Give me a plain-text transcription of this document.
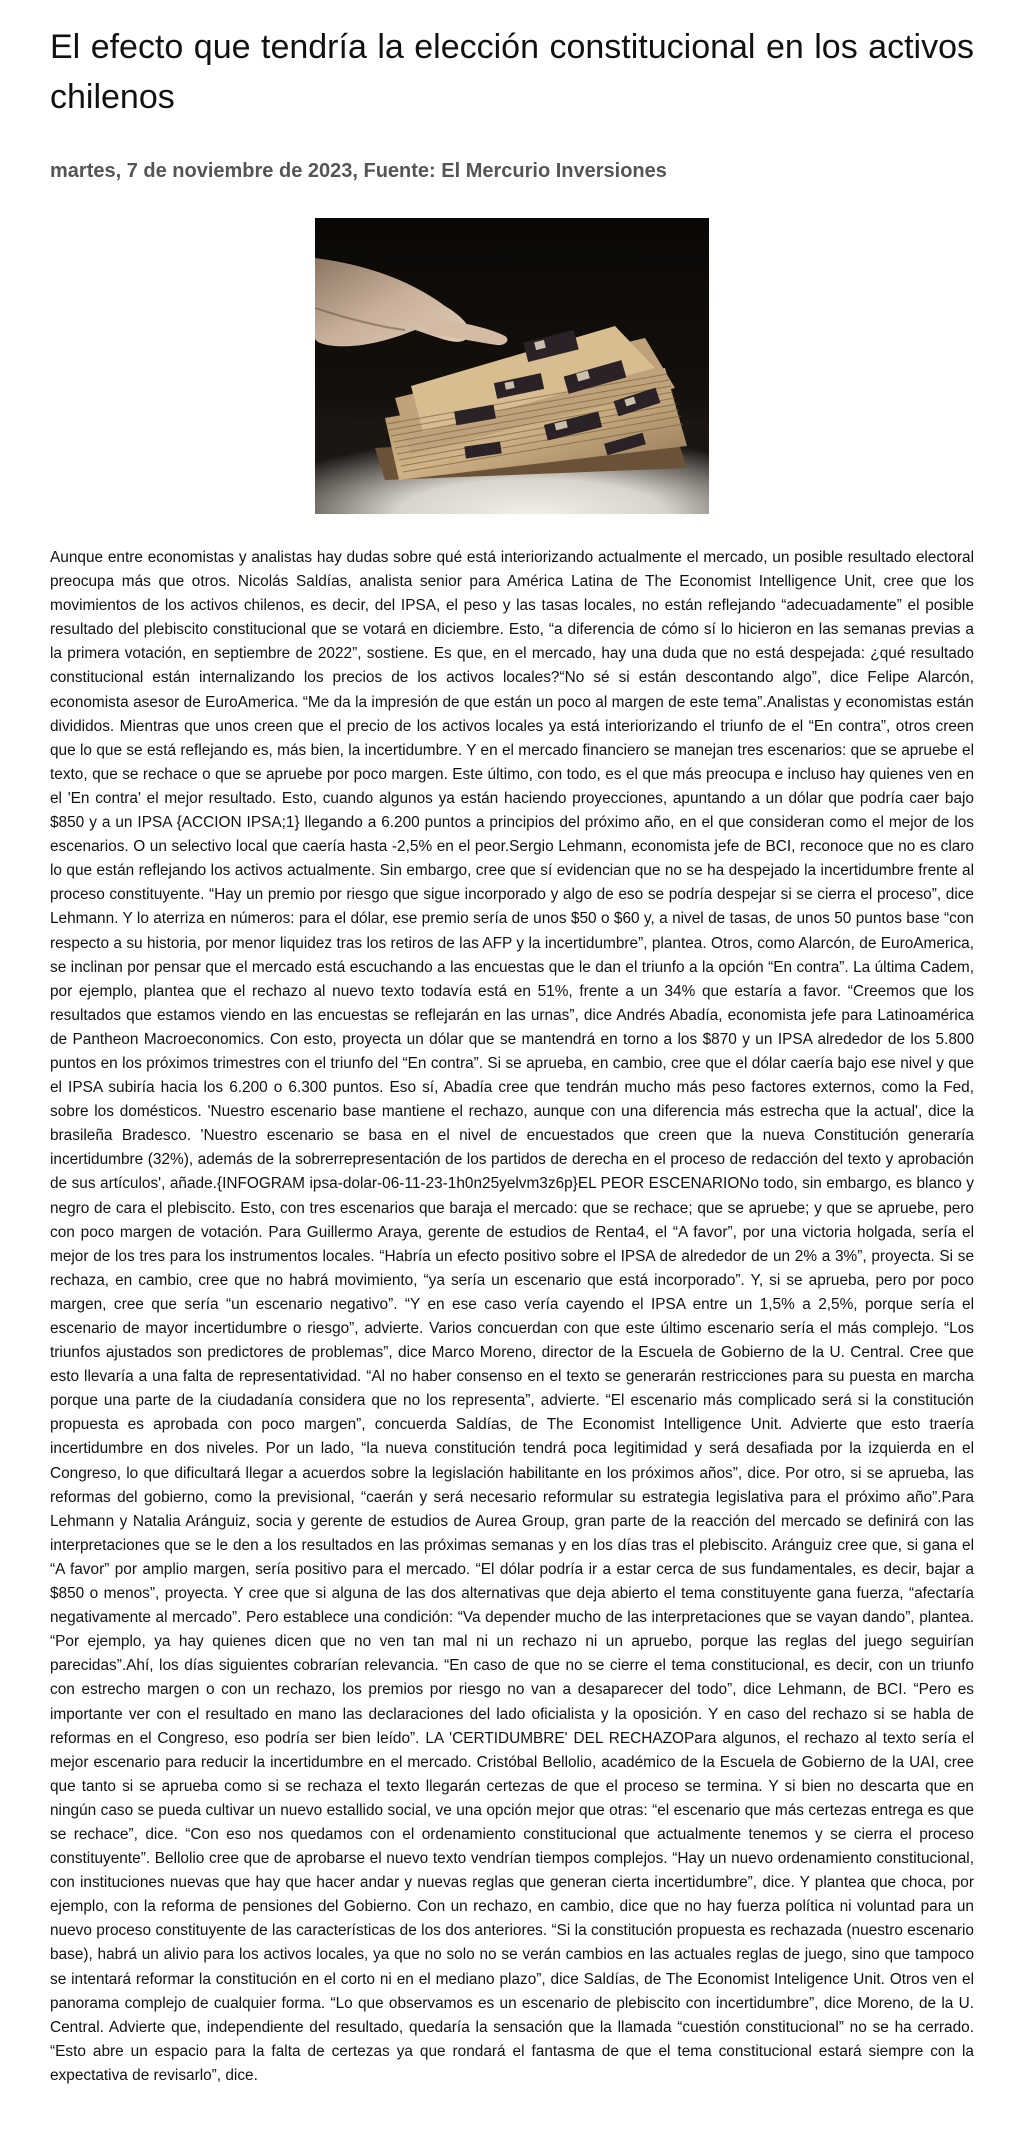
El efecto que tendría la elección constitucional en los activos chilenos
martes, 7 de noviembre de 2023, Fuente: El Mercurio Inversiones

Aunque entre economistas y analistas hay dudas sobre qué está interiorizando actualmente el mercado, un posible resultado electoral preocupa más que otros. Nicolás Saldías, analista senior para América Latina de The Economist Intelligence Unit, cree que los movimientos de los activos chilenos, es decir, del IPSA, el peso y las tasas locales, no están reflejando “adecuadamente” el posible resultado del plebiscito constitucional que se votará en diciembre. Esto, “a diferencia de cómo sí lo hicieron en las semanas previas a la primera votación, en septiembre de 2022”, sostiene. Es que, en el mercado, hay una duda que no está despejada: ¿qué resultado constitucional están internalizando los precios de los activos locales?“No sé si están descontando algo”, dice Felipe Alarcón, economista asesor de EuroAmerica. “Me da la impresión de que están un poco al margen de este tema”.Analistas y economistas están divididos. Mientras que unos creen que el precio de los activos locales ya está interiorizando el triunfo de el “En contra”, otros creen que lo que se está reflejando es, más bien, la incertidumbre. Y en el mercado financiero se manejan tres escenarios: que se apruebe el texto, que se rechace o que se apruebe por poco margen. Este último, con todo, es el que más preocupa e incluso hay quienes ven en el 'En contra' el mejor resultado. Esto, cuando algunos ya están haciendo proyecciones, apuntando a un dólar que podría caer bajo $850 y a un IPSA {ACCION IPSA;1} llegando a 6.200 puntos a principios del próximo año, en el que consideran como el mejor de los escenarios. O un selectivo local que caería hasta -2,5% en el peor.Sergio Lehmann, economista jefe de BCI, reconoce que no es claro lo que están reflejando los activos actualmente. Sin embargo, cree que sí evidencian que no se ha despejado la incertidumbre frente al proceso constituyente. “Hay un premio por riesgo que sigue incorporado y algo de eso se podría despejar si se cierra el proceso”, dice Lehmann. Y lo aterriza en números: para el dólar, ese premio sería de unos $50 o $60 y, a nivel de tasas, de unos 50 puntos base “con respecto a su historia, por menor liquidez tras los retiros de las AFP y la incertidumbre”, plantea. Otros, como Alarcón, de EuroAmerica, se inclinan por pensar que el mercado está escuchando a las encuestas que le dan el triunfo a la opción “En contra”. La última Cadem, por ejemplo, plantea que el rechazo al nuevo texto todavía está en 51%, frente a un 34% que estaría a favor. “Creemos que los resultados que estamos viendo en las encuestas se reflejarán en las urnas”, dice Andrés Abadía, economista jefe para Latinoamérica de Pantheon Macroeconomics. Con esto, proyecta un dólar que se mantendrá en torno a los $870 y un IPSA alrededor de los 5.800 puntos en los próximos trimestres con el triunfo del “En contra”. Si se aprueba, en cambio, cree que el dólar caería bajo ese nivel y que el IPSA subiría hacia los 6.200 o 6.300 puntos. Eso sí, Abadía cree que tendrán mucho más peso factores externos, como la Fed, sobre los domésticos. 'Nuestro escenario base mantiene el rechazo, aunque con una diferencia más estrecha que la actual', dice la brasileña Bradesco. 'Nuestro escenario se basa en el nivel de encuestados que creen que la nueva Constitución generaría incertidumbre (32%), además de la sobrerrepresentación de los partidos de derecha en el proceso de redacción del texto y aprobación de sus artículos', añade.{INFOGRAM ipsa-dolar-06-11-23-1h0n25yelvm3z6p}EL PEOR ESCENARIONo todo, sin embargo, es blanco y negro de cara el plebiscito. Esto, con tres escenarios que baraja el mercado: que se rechace; que se apruebe; y que se apruebe, pero con poco margen de votación. Para Guillermo Araya, gerente de estudios de Renta4, el “A favor”, por una victoria holgada, sería el mejor de los tres para los instrumentos locales. “Habría un efecto positivo sobre el IPSA de alrededor de un 2% a 3%”, proyecta. Si se rechaza, en cambio, cree que no habrá movimiento, “ya sería un escenario que está incorporado”. Y, si se aprueba, pero por poco margen, cree que sería “un escenario negativo”. “Y en ese caso vería cayendo el IPSA entre un 1,5% a 2,5%, porque sería el escenario de mayor incertidumbre o riesgo”, advierte. Varios concuerdan con que este último escenario sería el más complejo. “Los triunfos ajustados son predictores de problemas”, dice Marco Moreno, director de la Escuela de Gobierno de la U. Central. Cree que esto llevaría a una falta de representatividad. “Al no haber consenso en el texto se generarán restricciones para su puesta en marcha porque una parte de la ciudadanía considera que no los representa”, advierte. “El escenario más complicado será si la constitución propuesta es aprobada con poco margen”, concuerda Saldías, de The Economist Intelligence Unit. Advierte que esto traería incertidumbre en dos niveles. Por un lado, “la nueva constitución tendrá poca legitimidad y será desafiada por la izquierda en el Congreso, lo que dificultará llegar a acuerdos sobre la legislación habilitante en los próximos años”, dice. Por otro, si se aprueba, las reformas del gobierno, como la previsional, “caerán y será necesario reformular su estrategia legislativa para el próximo año”.Para Lehmann y Natalia Aránguiz, socia y gerente de estudios de Aurea Group, gran parte de la reacción del mercado se definirá con las interpretaciones que se le den a los resultados en las próximas semanas y en los días tras el plebiscito. Aránguiz cree que, si gana el “A favor” por amplio margen, sería positivo para el mercado. “El dólar podría ir a estar cerca de sus fundamentales, es decir, bajar a $850 o menos”, proyecta. Y cree que si alguna de las dos alternativas que deja abierto el tema constituyente gana fuerza, “afectaría negativamente al mercado”. Pero establece una condición: “Va depender mucho de las interpretaciones que se vayan dando”, plantea. “Por ejemplo, ya hay quienes dicen que no ven tan mal ni un rechazo ni un apruebo, porque las reglas del juego seguirían parecidas”.Ahí, los días siguientes cobrarían relevancia. “En caso de que no se cierre el tema constitucional, es decir, con un triunfo con estrecho margen o con un rechazo, los premios por riesgo no van a desaparecer del todo”, dice Lehmann, de BCI. “Pero es importante ver con el resultado en mano las declaraciones del lado oficialista y la oposición. Y en caso del rechazo si se habla de reformas en el Congreso, eso podría ser bien leído”. LA 'CERTIDUMBRE' DEL RECHAZOPara algunos, el rechazo al texto sería el mejor escenario para reducir la incertidumbre en el mercado. Cristóbal Bellolio, académico de la Escuela de Gobierno de la UAI, cree que tanto si se aprueba como si se rechaza el texto llegarán certezas de que el proceso se termina. Y si bien no descarta que en ningún caso se pueda cultivar un nuevo estallido social, ve una opción mejor que otras: “el escenario que más certezas entrega es que se rechace”, dice. “Con eso nos quedamos con el ordenamiento constitucional que actualmente tenemos y se cierra el proceso constituyente”. Bellolio cree que de aprobarse el nuevo texto vendrían tiempos complejos. “Hay un nuevo ordenamiento constitucional, con instituciones nuevas que hay que hacer andar y nuevas reglas que generan cierta incertidumbre”, dice. Y plantea que choca, por ejemplo, con la reforma de pensiones del Gobierno. Con un rechazo, en cambio, dice que no hay fuerza política ni voluntad para un nuevo proceso constituyente de las características de los dos anteriores. “Si la constitución propuesta es rechazada (nuestro escenario base), habrá un alivio para los activos locales, ya que no solo no se verán cambios en las actuales reglas de juego, sino que tampoco se intentará reformar la constitución en el corto ni en el mediano plazo”, dice Saldías, de The Economist Inteligence Unit. Otros ven el panorama complejo de cualquier forma. “Lo que observamos es un escenario de plebiscito con incertidumbre”, dice Moreno, de la U. Central. Advierte que, independiente del resultado, quedaría la sensación que la llamada “cuestión constitucional” no se ha cerrado. “Esto abre un espacio para la falta de certezas ya que rondará el fantasma de que el tema constitucional estará siempre con la expectativa de revisarlo”, dice.
